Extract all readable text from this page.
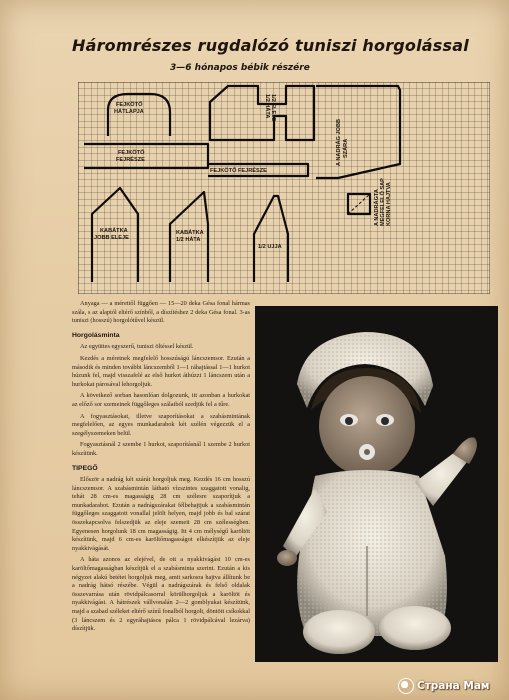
Háromrészes rugdalózó tuniszi horgolással
3—6 hónapos bébik részére
FEJKÖTŐ HÁTLAPJA
FEJKÖTŐ FEJRÉSZE
FEJKÖTŐ FEJRÉSZE
1/2 ELEJE1/2 HÁTA
A NADRÁG JOBBSZÁRA
A NADRÁGTAMEGFELELŐ SAPKORNA HAJTVA
KABÁTKA JOBB ELEJE
KABÁTKA 1/2 HÁTA
1/2 UJJA

Anyaga — a mérettől függően — 15—20 deka Gésa fonal hármas szála, s az alaptól eltérő színből, a díszítéshez 2 deka Gésa fonal. 3-as tuniszi (hosszú) horgolótűvel készül.

Horgolásminta

Az együttes egyszerű, tuniszi öltéssel készül.

Kezdés a méretnek megfelelő hosszúságú láncszemsor. Ezután a második és minden további láncszemből 1—1 ráhajtással 1—1 hurkot húzunk fel, majd visszafelé az első hurkot áthúzzt 1 láncszem után a hurkokat párosával lehorgoljuk.

A következő sorban hasonlóan dolgozunk, itt azonban a hurkokat az előző sor szemeinek függőleges szálaiból szedjük fel a tűre.

A fogyasztásokat, illetve szaporításokat a szabásmintának megfelelően, az egyes munkadarabok két szélén végezzük el a szegélyszemeken belül.

Fogyasztásnál 2 szembe 1 hurkot, szaporításnál 1 szembe 2 hurkot készítünk.

TIPEGŐ

Először a nadrág két szárát horgoljuk meg. Kezdés 16 cm hosszú láncszemsor. A szabásmintán látható vízszintes szaggatott vonalig, tehát 28 cm-es magasságig 28 cm szélesre szaporítjuk a munkadarabot. Ezután a nadrágszárakat félbehajtjuk a szabásmintán függőleges szaggatott vonallal jelölt helyen, majd jobb és bal szárat összekapcsolva felszedjük az eleje szemeit 28 cm szélességben. Egyenesen horgolunk 18 cm magasságig. Itt 4 cm mélységű karöltöt készítünk, majd 6 cm-es karöltőmagasságot elkészítjük az eleje nyakkivágását.

A háta azonos az elejével, de ott a nyakkivágást 10 cm-es karöltőmagasságban készítjük el a szabásminta szerint. Ezután a kis négyzet alakú betétet horgoljuk meg, amit sarkosra hajtva állítunk be a nadrág hátsó részébe. Végül a nadrágszárak és felső oldalak összevarrása után rövidpálcasorral körülhorgoljuk a karöltöt és nyakkivágást. A hátrészek vállvonalán 2—2 gomblyukat készítünk, majd a szabad széleket eltérő színű fonalból horgolt, döntött csíkokkal (3 láncszem és 2 egyráhajtásos pálca 1 rövidpálcával lezárva) díszítjük.

Страна Мам
